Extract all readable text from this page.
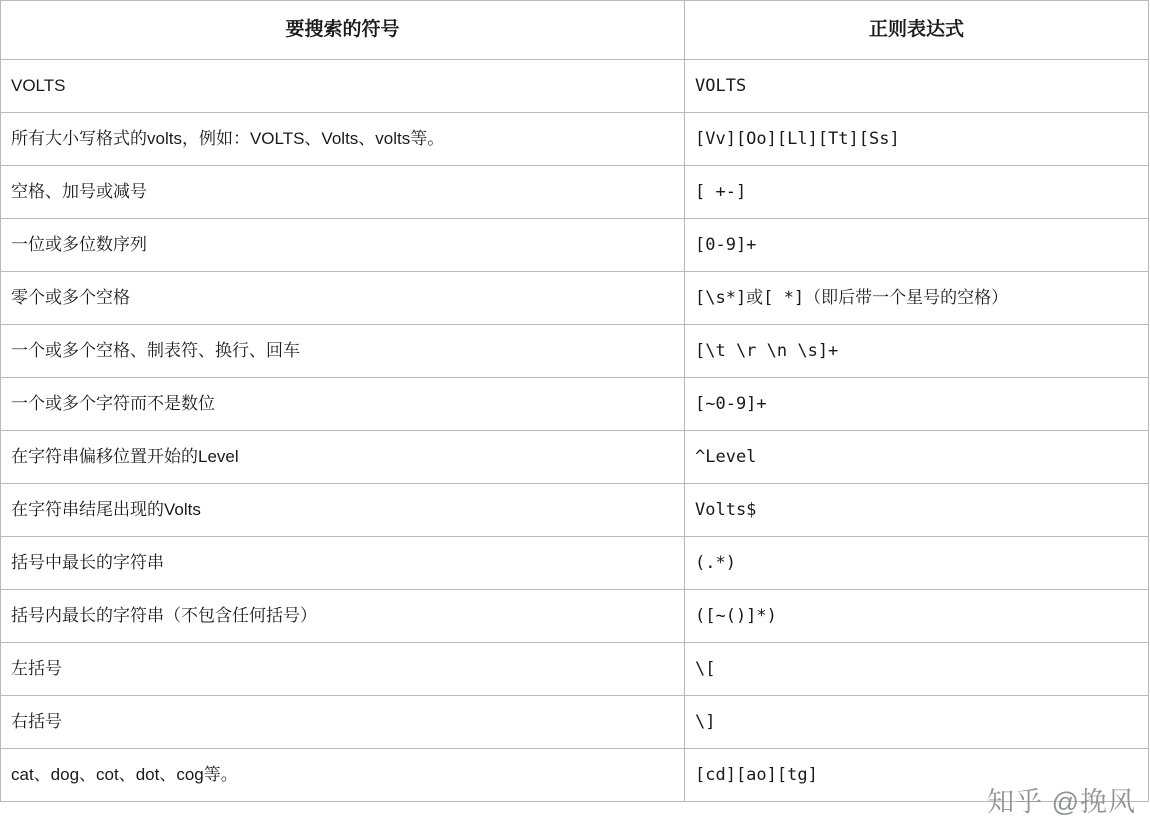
要搜索的符号	正则表达式
VOLTS	VOLTS
所有大小写格式的volts，例如：VOLTS、Volts、volts等。	[Vv][Oo][Ll][Tt][Ss]
空格、加号或减号	[ +-]
一位或多位数序列	[0-9]+
零个或多个空格	[\s*]或[ *]（即后带一个星号的空格）
一个或多个空格、制表符、换行、回车	[\t \r \n \s]+
一个或多个字符而不是数位	[~0-9]+
在字符串偏移位置开始的Level	^Level
在字符串结尾出现的Volts	Volts$
括号中最长的字符串	(.*)
括号内最长的字符串（不包含任何括号）	([~()]*)
左括号	\[
右括号	\]
cat、dog、cot、dot、cog等。	[cd][ao][tg]
知乎 @挽风
